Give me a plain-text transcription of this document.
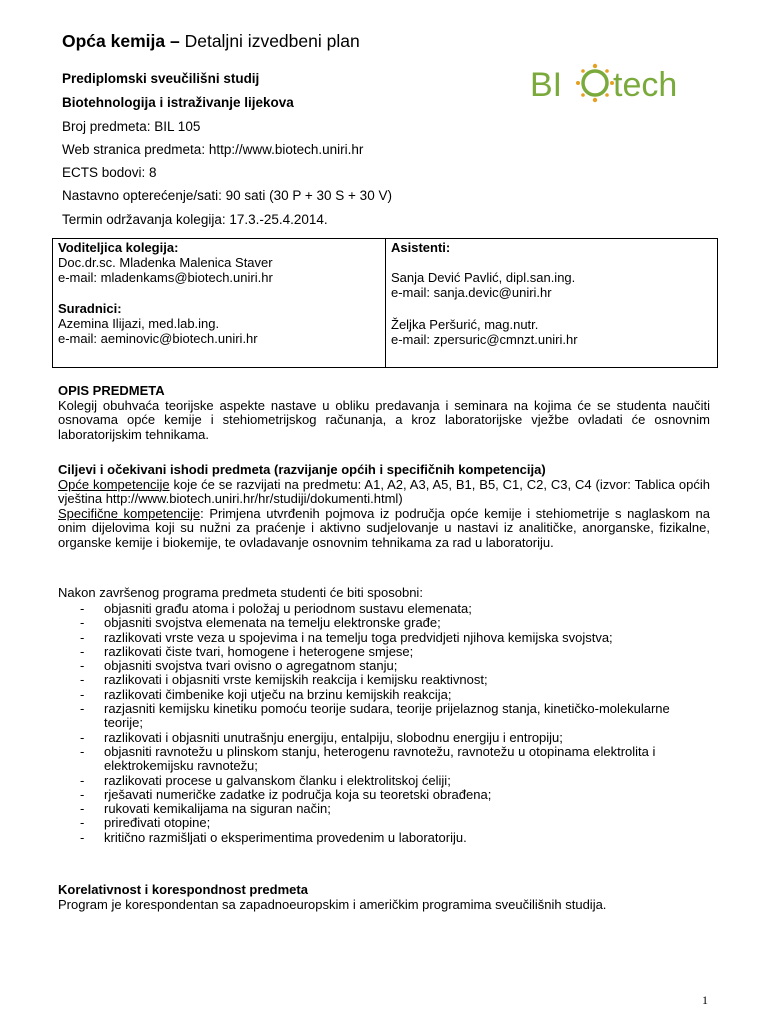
Opća kemija – Detaljni izvedbeni plan
BI tech
Prediplomski sveučilišni studij
Biotehnologija i istraživanje lijekova
Broj predmeta: BIL 105
Web stranica predmeta: http://www.biotech.uniri.hr
ECTS bodovi: 8
Nastavno opterećenje/sati: 90 sati (30 P + 30 S + 30 V)
Termin održavanja kolegija: 17.3.-25.4.2014.
Voditeljica kolegija:
Doc.dr.sc. Mladenka Malenica Staver
e-mail: mladenkams@biotech.uniri.hr
Suradnici:
Azemina Ilijazi, med.lab.ing.
e-mail: aeminovic@biotech.uniri.hr
Asistenti:
Sanja Dević Pavlić, dipl.san.ing.
e-mail: sanja.devic@uniri.hr
Željka Peršurić, mag.nutr.
e-mail: zpersuric@cmnzt.uniri.hr

OPIS PREDMETA

Kolegij obuhvaća teorijske aspekte nastave u obliku predavanja i seminara na kojima će se studenta naučiti osnovama opće kemije i stehiometrijskog računanja, a kroz laboratorijske vježbe ovladati će osnovnim laboratorijskim tehnikama.

Ciljevi i očekivani ishodi predmeta (razvijanje općih i specifičnih kompetencija)

Opće kompetencije koje će se razvijati na predmetu: A1, A2, A3, A5, B1, B5, C1, C2, C3, C4 (izvor: Tablica općih vještina http://www.biotech.uniri.hr/hr/studiji/dokumenti.html)

Specifične kompetencije: Primjena utvrđenih pojmova iz područja opće kemije i stehiometrije s naglaskom na onim dijelovima koji su nužni za praćenje i aktivno sudjelovanje u nastavi iz analitičke, anorganske, fizikalne, organske kemije i biokemije, te ovladavanje osnovnim tehnikama za rad u laboratoriju.

Nakon završenog programa predmeta studenti će biti sposobni:
- objasniti građu atoma i položaj u periodnom sustavu elemenata;
- objasniti svojstva elemenata na temelju elektronske građe;
- razlikovati vrste veza u spojevima i na temelju toga predvidjeti njihova kemijska svojstva;
- razlikovati čiste tvari, homogene i heterogene smjese;
- objasniti svojstva tvari ovisno o agregatnom stanju;
- razlikovati i objasniti vrste kemijskih reakcija i kemijsku reaktivnost;
- razlikovati čimbenike koji utječu na brzinu kemijskih reakcija;
- razjasniti kemijsku kinetiku pomoću teorije sudara, teorije prijelaznog stanja, kinetičko-molekularne teorije;
- razlikovati i objasniti unutrašnju energiju, entalpiju, slobodnu energiju i entropiju;
- objasniti ravnotežu u plinskom stanju, heterogenu ravnotežu, ravnotežu u otopinama elektrolita i elektrokemijsku ravnotežu;
- razlikovati procese u galvanskom članku i elektrolitskoj ćeliji;
- rješavati numeričke zadatke iz područja koja su teoretski obrađena;
- rukovati kemikalijama na siguran način;
- priređivati otopine;
- kritično razmišljati o eksperimentima provedenim u laboratoriju.

Korelativnost i korespondnost predmeta

Program je korespondentan sa zapadnoeuropskim i američkim programima sveučilišnih studija.

1
